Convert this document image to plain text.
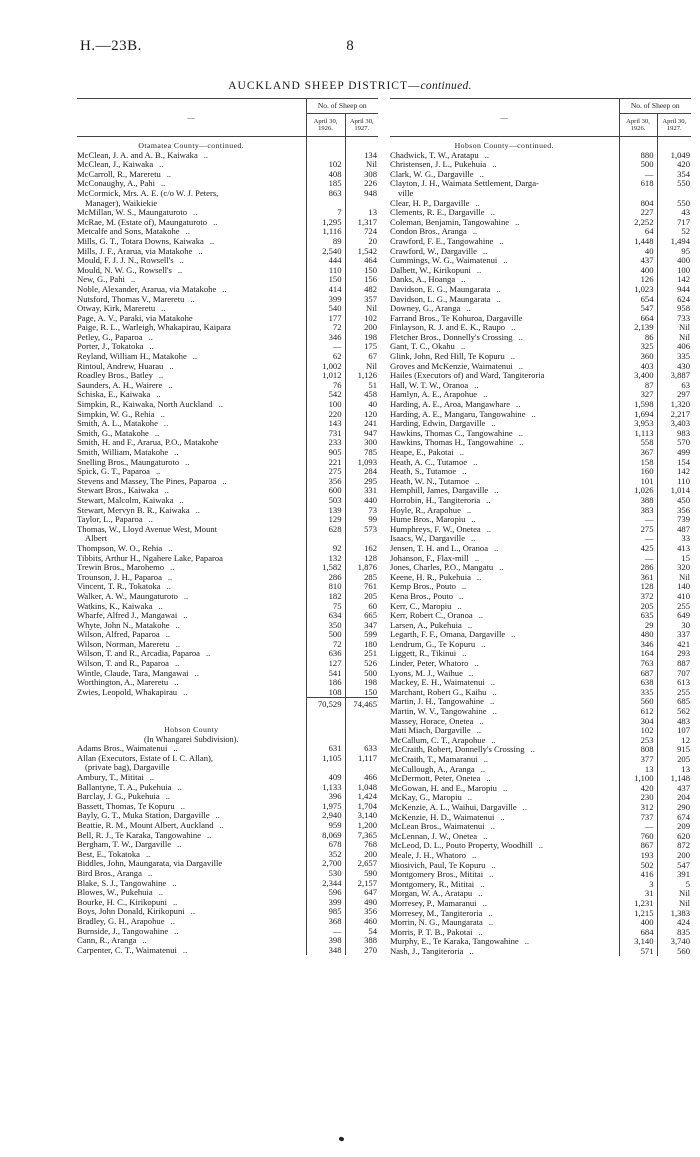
H.—23B.	8
AUCKLAND SHEEP DISTRICT—continued.
—	No. of Sheep on	
	April 30, 1926.	April 30, 1927.
Otamatea County—continued.		
McClean, J. A. and A. B., Kaiwaka ..		134
McClean, J., Kaiwaka ..	102	Nil
McCarroll, R., Mareretu ..	408	308
McConaughy, A., Pahi ..	185	226
McCormick, Mrs. A. E. (c/o W. J. Peters,	863	948
Manager), Waikiekie		
McMillan, W. S., Maungaturoto ..	7	13
McRae, M. (Estate of), Maungaturoto ..	1,295	1,317
Metcalfe and Sons, Matakohe ..	1,116	724
Mills, G. T., Totara Downs, Kaiwaka ..	89	20
Mills, J. F., Ararua, via Matakohe ..	2,540	1,542
Mould, F. J. J. N., Rowsell's ..	444	464
Mould, N. W. G., Rowsell's ..	110	150
New, G., Pahi ..	150	156
Noble, Alexander, Ararua, via Matakohe ..	414	482
Nutsford, Thomas V., Mareretu ..	399	357
Otway, Kirk, Mareretu ..	540	Nil
Page, A. V., Paraki, via Matakohe	177	102
Paige, R. L., Warleigh, Whakapirau, Kaipara	72	200
Petley, G., Paparoa ..	346	198
Porter, J., Tokatoka ..	—	175
Reyland, William H., Matakohe ..	62	67
Rintoul, Andrew, Huarau ..	1,002	Nil
Roadley Bros., Batley ..	1,012	1,126
Saunders, A. H., Wairere ..	76	51
Schiska, E., Kaiwaka ..	542	458
Simpkin, R., Kaiwaka, North Auckland ..	100	40
Simpkin, W. G., Rehia ..	220	120
Smith, A. L., Matakohe ..	143	241
Smith, G., Matakohe ..	731	947
Smith, H. and F., Ararua, P.O., Matakohe	233	300
Smith, William, Matakohe ..	905	785
Snelling Bros., Maungaturoto ..	221	1,093
Spick, G. T., Paparoa ..	275	284
Stevens and Massey, The Pines, Paparoa ..	356	295
Stewart Bros., Kaiwaka ..	600	331
Stewart, Malcolm, Kaiwaka ..	503	440
Stewart, Mervyn B. R., Kaiwaka ..	139	73
Taylor, L., Paparoa ..	129	99
Thomas, W., Lloyd Avenue West, Mount	628	573
Albert		
Thompson, W. O., Rehia ..	92	162
Tibbits, Arthur H., Ngahere Lake, Paparoa	132	128
Trewin Bros., Marohemo ..	1,582	1,876
Trounson, J. H., Paparoa ..	286	285
Vincent, T. R., Tokatoka ..	810	761
Walker, A. W., Maungaturoto ..	182	205
Watkins, K., Kaiwaka ..	75	60
Wharfe, Alfred J., Mangawai ..	634	665
Whyte, John N., Matakohe ..	350	347
Wilson, Alfred, Paparoa ..	500	599
Wilson, Norman, Mareretu ..	72	180
Wilson, T. and R., Arcadia, Paparoa ..	636	251
Wilson, T. and R., Paparoa ..	127	526
Wintle, Claude, Tara, Mangawai ..	541	500
Worthington, A., Mareretu ..	186	198
Zwies, Leopold, Whakapirau ..	108	150
	70,529	74,465

Hobson County		
(In Whangarei Subdivision).		
Adams Bros., Waimatenui ..	631	633
Allan (Executors, Estate of I. C. Allan),	1,105	1,117
(private bag), Dargaville		
Ambury, T., Mititai ..	409	466
Ballantyne, T. A., Pukehuia ..	1,133	1,048
Barclay, J. G., Pukehuia ..	396	1,424
Bassett, Thomas, Te Kopuru ..	1,975	1,704
Bayly, G. T., Muka Station, Dargaville ..	2,940	3,140
Beattie, R. M., Mount Albert, Auckland ..	959	1,200
Bell, R. J., Te Karaka, Tangowahine ..	8,069	7,365
Bergham, T. W., Dargaville ..	678	768
Best, E., Tokatoka ..	352	200
Biddles, John, Maungarata, via Dargaville	2,700	2,657
Bird Bros., Aranga ..	530	590
Blake, S. J., Tangowahine ..	2,344	2,157
Blowes, W., Pukehuia ..	596	647
Bourke, H. C., Kirikopuni ..	399	490
Boys, John Donald, Kirikopuni ..	985	356
Bradley, G. H., Arapohue ..	368	460
Burnside, J., Tangowahine ..	—	54
Cann, R., Aranga ..	398	388
Carpenter, C. T., Waimatenui ..	348	270
—	No. of Sheep on	
	April 30, 1926.	April 30, 1927.
Hobson County—continued.		
Chadwick, T. W., Aratapu ..	880	1,049
Christensen, J. L., Pukehuia ..	500	420
Clark, W. G., Dargaville ..	—	354
Clayton, J. H., Waimata Settlement, Darga-	618	550
ville		
Clear, H. P., Dargaville ..	804	550
Clements, R. E., Dargaville ..	227	43
Coleman, Benjamin, Tangowahine ..	2,252	717
Condon Bros., Aranga ..	64	52
Crawford, F. E., Tangowahine ..	1,448	1,494
Crawford, W., Dargaville ..	40	95
Cummings, W. G., Waimatenui ..	437	400
Dalbett, W., Kirikopuni ..	400	100
Danks, A., Hoanga ..	126	142
Davidson, E. G., Maungarata ..	1,023	944
Davidson, L. G., Maungarata ..	654	624
Downey, G., Aranga ..	547	958
Farrand Bros., Te Kohuroa, Dargaville	664	733
Finlayson, R. J. and E. K., Raupo ..	2,139	Nil
Fletcher Bros., Donnelly's Crossing ..	86	Nil
Gant, T. C., Okahu ..	325	406
Glink, John, Red Hill, Te Kopuru ..	360	335
Groves and McKenzie, Waimatenui ..	403	430
Hailes (Executors of) and Ward, Tangiteroria	3,400	3,887
Hall, W. T. W., Oranoa ..	87	63
Hamlyn, A. E., Arapohue ..	327	297
Harding, A. E., Aroa, Mangawhare ..	1,598	1,320
Harding, A. E., Mangaru, Tangowahine ..	1,694	2,217
Harding, Edwin, Dargaville ..	3,953	3,403
Hawkins, Thomas C., Tangowahine ..	1,113	983
Hawkins, Thomas H., Tangowahine ..	558	570
Heape, E., Pakotai ..	367	499
Heath, A. C., Tutamoe ..	158	154
Heath, S., Tutamoe ..	160	142
Heath, W. N., Tutamoe ..	101	110
Hemphill, James, Dargaville ..	1,026	1,014
Horrobin, H., Tangiteroria ..	388	450
Hoyle, R., Arapohue ..	383	356
Hume Bros., Maropiu ..	—	739
Humphreys, F. W., Onetea ..	275	487
Isaacs, W., Dargaville ..	—	33
Jensen, T. H. and L., Oranoa ..	425	413
Johanson, F., Flax-mill ..	—	15
Jones, Charles, P.O., Mangatu ..	286	320
Keene, H. R., Pukehuia ..	361	Nil
Kemp Bros., Pouto ..	128	140
Kena Bros., Pouto ..	372	410
Kerr, C., Maropiu ..	205	255
Kerr, Robert C., Oranoa ..	635	649
Larsen, A., Pukehuia ..	29	30
Legarth, F. F., Omana, Dargaville ..	480	337
Lendrum, G., Te Kopuru ..	346	421
Liggett, R., Tikinui ..	164	293
Linder, Peter, Whatoro ..	763	887
Lyons, M. J., Waihue ..	687	707
Mackey, E. H., Waimatenui ..	638	613
Marchant, Robert G., Kaihu ..	335	255
Martin, J. H., Tangowahine ..	560	685
Martin, W. V., Tangowahine ..	612	562
Massey, Horace, Onetea ..	304	483
Mati Miach, Dargaville ..	102	107
McCallum, C. T., Arapohue ..	253	12
McCraith, Robert, Donnelly's Crossing ..	808	915
McCraith, T., Mamaranui ..	377	205
McCullough, A., Aranga ..	13	13
McDermott, Peter, Onetea ..	1,100	1,148
McGowan, H. and E., Maropiu ..	420	437
McKay, G., Maropiu ..	230	204
McKenzie, A. L., Waihui, Dargaville ..	312	290
McKenzie, H. D., Waimatenui ..	737	674
McLean Bros., Waimatenui ..	—	209
McLennan, J. W., Onetea ..	760	620
McLeod, D. L., Pouto Property, Woodhill ..	867	872
Meale, J. H., Whatoro ..	193	200
Miosivich, Paul, Te Kopuru ..	502	547
Montgomery Bros., Mititai ..	416	391
Montgomery, R., Mititai ..	3	5
Morgan, W. A., Aratapu ..	31	Nil
Morresey, P., Mamaranui ..	1,231	Nil
Morresey, M., Tangiteroria ..	1,215	1,383
Morrin, N. G., Maungarata ..	400	424
Morris, P. T. B., Pakotai ..	684	835
Murphy, E., Te Karaka, Tangowahine ..	3,140	3,740
Nash, J., Tangiteroria ..	571	560
